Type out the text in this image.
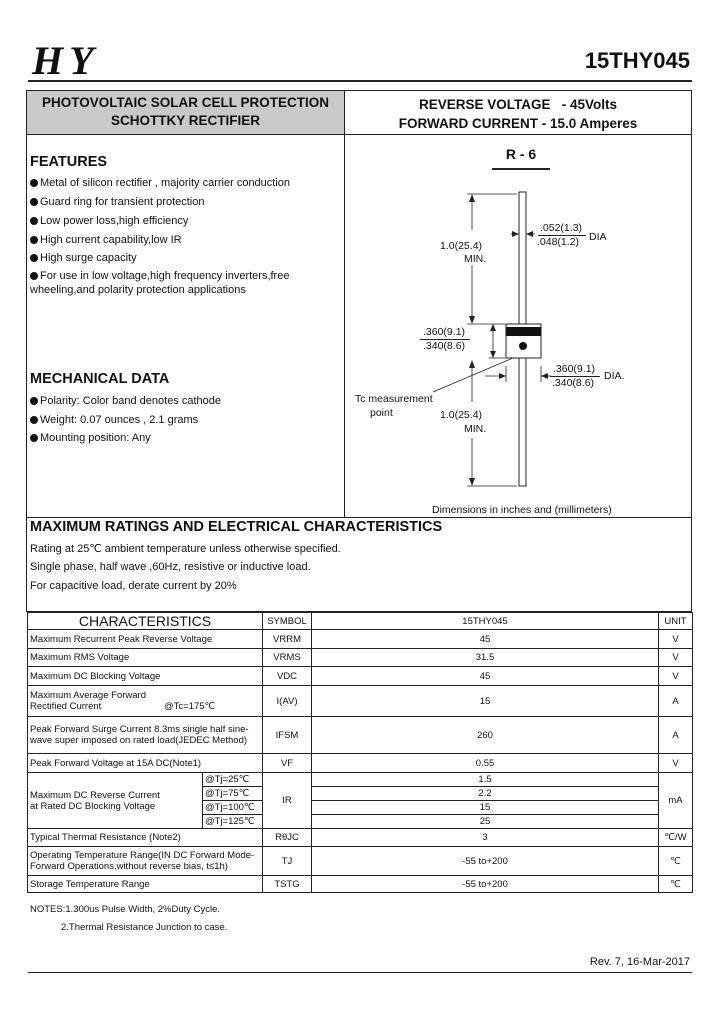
HY	15THY045
PHOTOVOLTAIC SOLAR CELL PROTECTION
SCHOTTKY RECTIFIER
REVERSE VOLTAGE   - 45Volts
FORWARD CURRENT - 15.0 Amperes
FEATURES
Metal of silicon rectifier , majority carrier conduction
Guard ring for transient protection
Low power loss,high efficiency
High current capability,low IR
High surge capacity
For use in low voltage,high frequency inverters,free
wheeling,and polarity protection applications
MECHANICAL DATA
Polarity: Color band denotes cathode
Weight: 0.07 ounces , 2.1 grams
Mounting position: Any
R - 6
.052(1.3)
.048(1.2) DIA
1.0(25.4)
MIN.
.360(9.1)
.340(8.6)
.360(9.1)
.340(8.6)
DIA.
Tc measurement
point	1.0(25.4)
MIN.
Dimensions in inches and (millimeters)
MAXIMUM RATINGS AND ELECTRICAL CHARACTERISTICS
Rating at 25℃ ambient temperature unless otherwise specified.
Single phase, half wave ,60Hz, resistive or inductive load.
For capacitive load, derate current by 20%
CHARACTERISTICS		SYMBOL	15THY045	UNIT
Maximum Recurrent Peak Reverse Voltage		VRRM	45	V
Maximum RMS Voltage		VRMS	31.5	V
Maximum DC Blocking Voltage		VDC	45	V

Maximum Average Forward
Rectified Current @Tc=175℃		I(AV)	15	A

Peak Forward Surge Current 8.3ms single half sine-
wave super imposed on rated load(JEDEC Method)		IFSM	260	A
Peak Forward Voltage at 15A DC(Note1)		VF	0.55	V

Maximum DC Reverse Current
at Rated DC Blocking Voltage	@Tj=25℃	IR	1.5	mA
	@Tj=75℃		2.2	
	@Tj=100℃		15	
	@Tj=125℃		25	
Typical Thermal Resistance (Note2)		RθJC	3	℃/W

Operating Temperature Range(IN DC Forward Mode-
Forward Operations,without reverse bias, t≤1h)		TJ	-55 to+200	℃
Storage Temperature Range		TSTG	-55 to+200	℃
NOTES:1.300us Pulse Width, 2%Duty Cycle.
2.Thermal Resistance Junction to case.
Rev. 7, 16-Mar-2017
